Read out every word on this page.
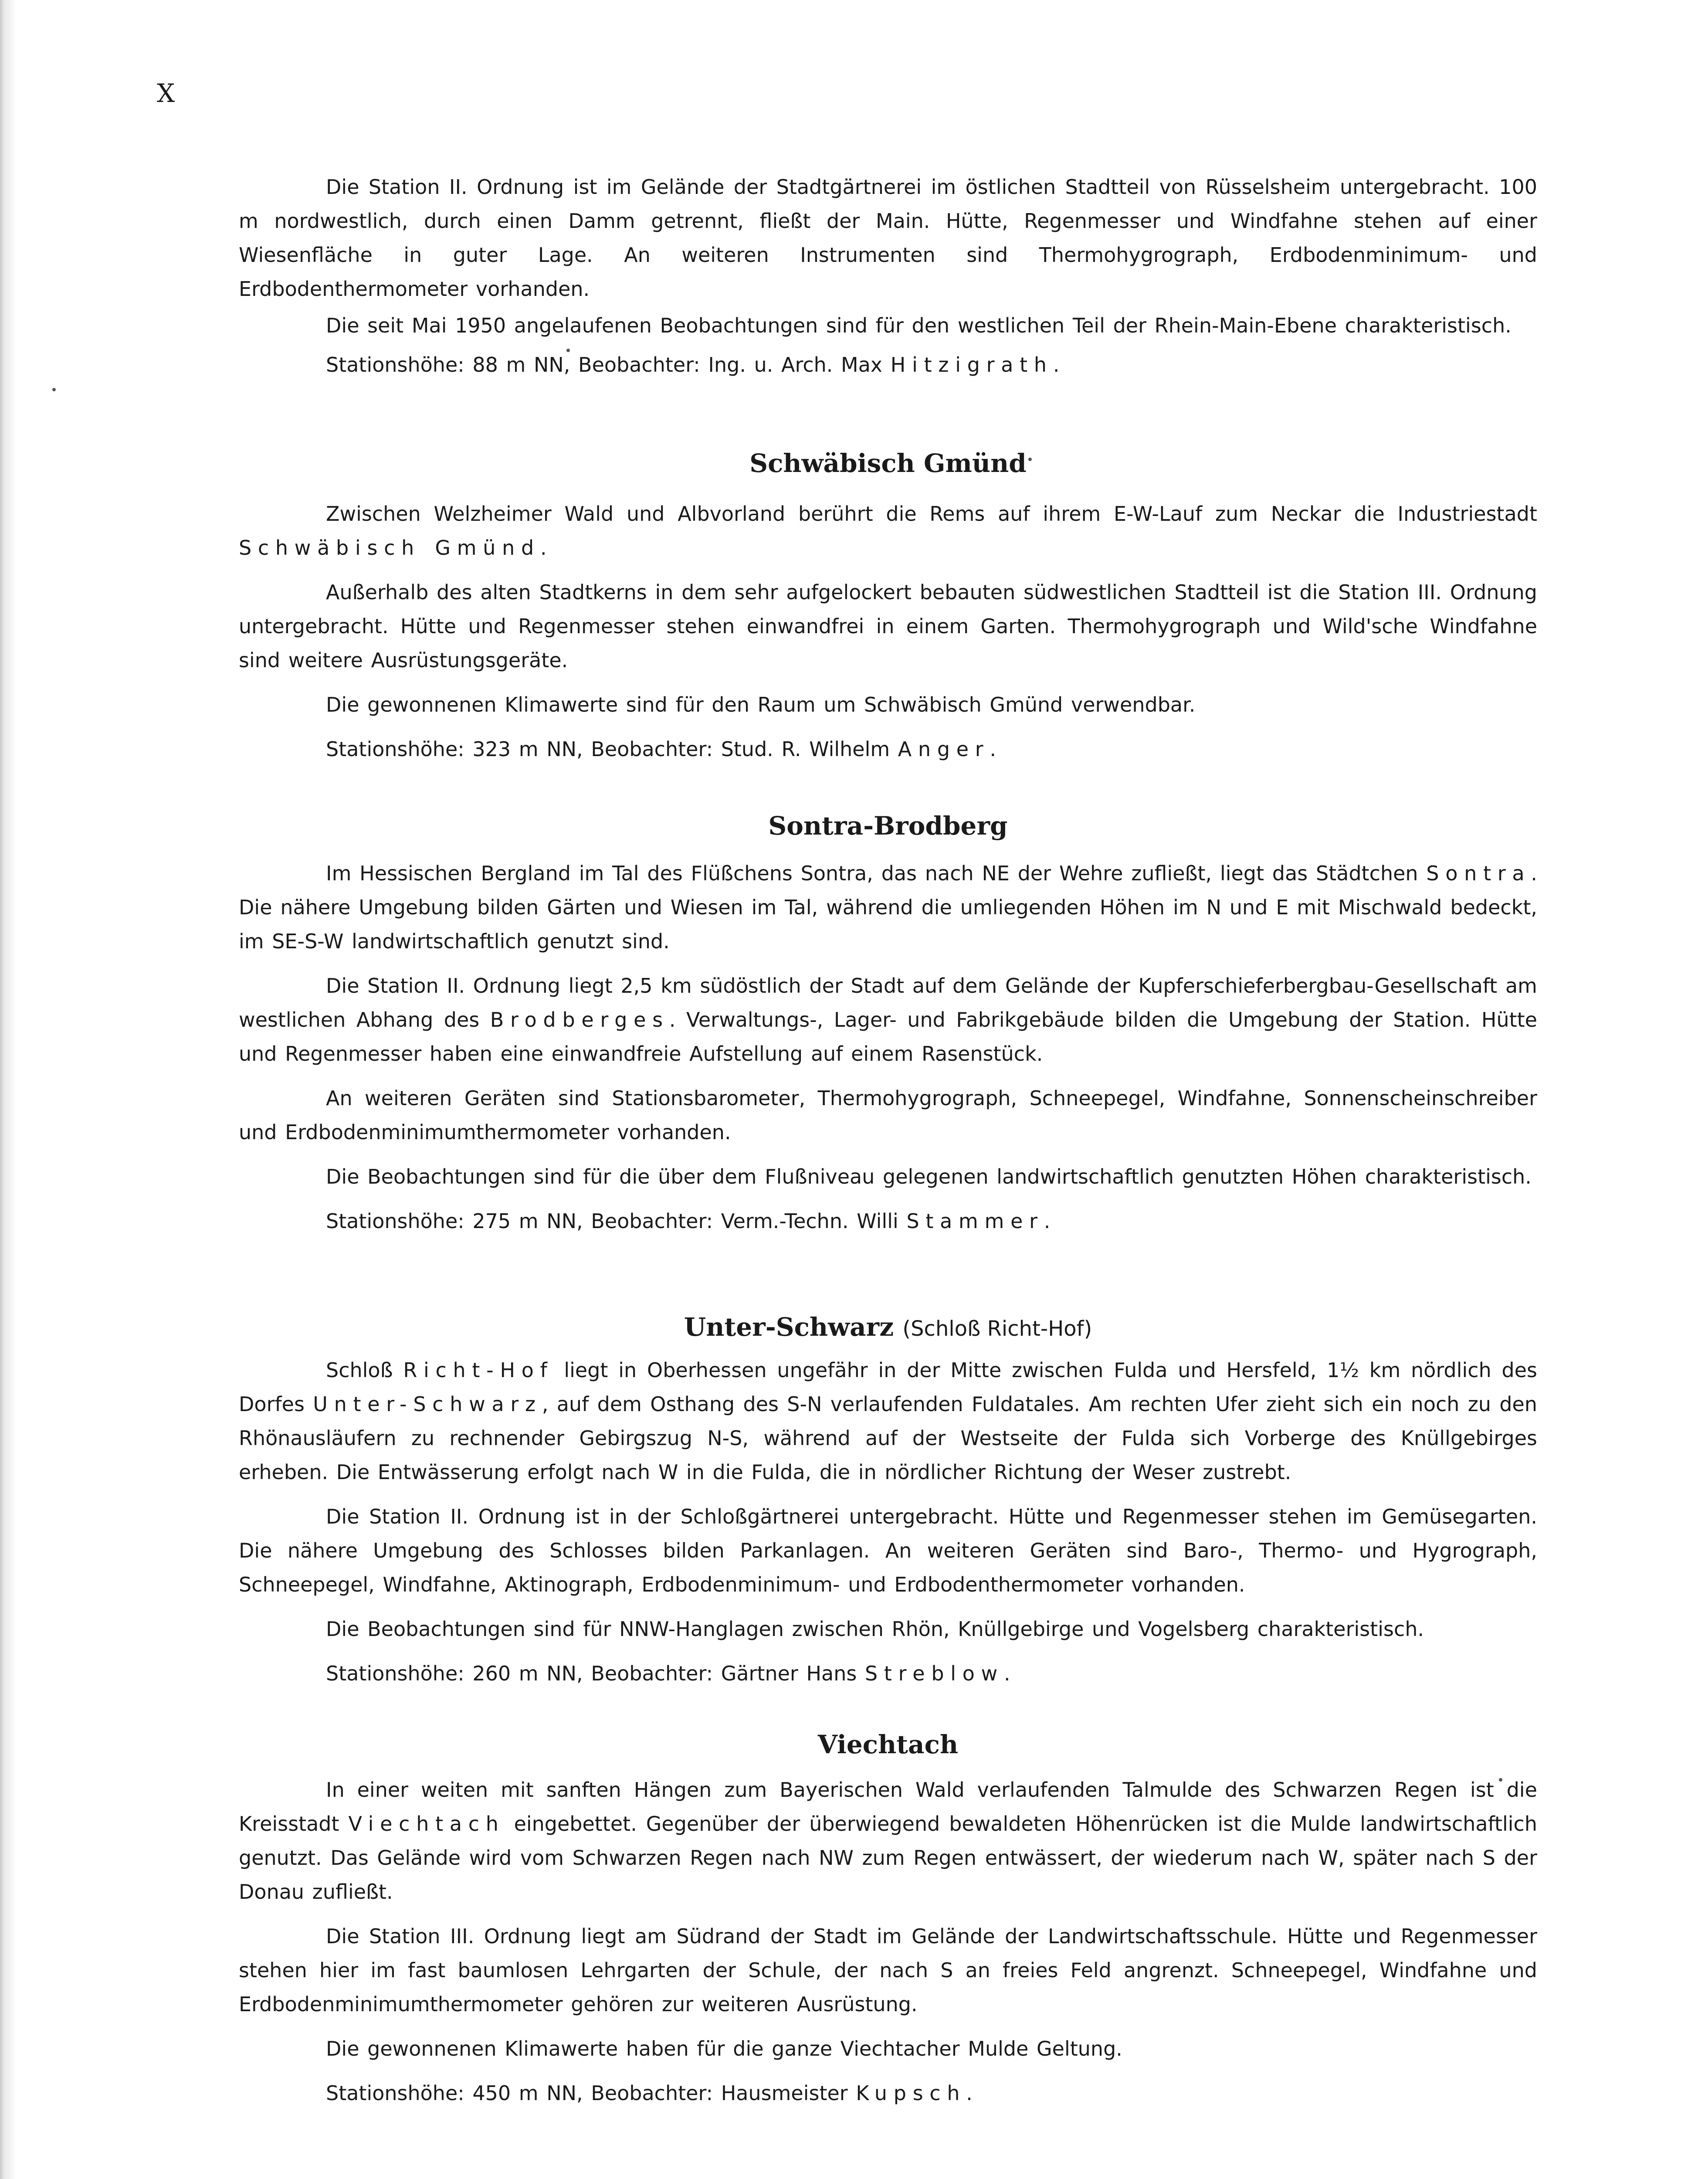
X

Die Station II. Ordnung ist im Gelände der Stadtgärtnerei im östlichen Stadtteil von Rüsselsheim untergebracht. 100 m nordwestlich, durch einen Damm getrennt, fließt der Main. Hütte, Regenmesser und Windfahne stehen auf einer Wiesenfläche in guter Lage. An weiteren Instrumenten sind Thermohygrograph, Erdbodenminimum- und Erdbodenthermometer vorhanden.

Die seit Mai 1950 angelaufenen Beobachtungen sind für den westlichen Teil der Rhein-Main-Ebene charakteristisch.

Stationshöhe: 88 m NN, Beobachter: Ing. u. Arch. Max Hitzigrath.

Schwäbisch Gmünd

Zwischen Welzheimer Wald und Albvorland berührt die Rems auf ihrem E-W-Lauf zum Neckar die Industriestadt Schwäbisch Gmünd.

Außerhalb des alten Stadtkerns in dem sehr aufgelockert bebauten südwestlichen Stadtteil ist die Station III. Ordnung untergebracht. Hütte und Regenmesser stehen einwandfrei in einem Garten. Thermohygrograph und Wild'sche Windfahne sind weitere Ausrüstungsgeräte.

Die gewonnenen Klimawerte sind für den Raum um Schwäbisch Gmünd verwendbar.

Stationshöhe: 323 m NN, Beobachter: Stud. R. Wilhelm Anger.

Sontra-Brodberg

Im Hessischen Bergland im Tal des Flüßchens Sontra, das nach NE der Wehre zufließt, liegt das Städtchen Sontra. Die nähere Umgebung bilden Gärten und Wiesen im Tal, während die umliegenden Höhen im N und E mit Mischwald bedeckt, im SE-S-W landwirtschaftlich genutzt sind.

Die Station II. Ordnung liegt 2,5 km südöstlich der Stadt auf dem Gelände der Kupferschieferbergbau-Gesellschaft am westlichen Abhang des Brodberges. Verwaltungs-, Lager- und Fabrikgebäude bilden die Umgebung der Station. Hütte und Regenmesser haben eine einwandfreie Aufstellung auf einem Rasenstück.

An weiteren Geräten sind Stationsbarometer, Thermohygrograph, Schneepegel, Windfahne, Sonnenscheinschreiber und Erdbodenminimumthermometer vorhanden.

Die Beobachtungen sind für die über dem Flußniveau gelegenen landwirtschaftlich genutzten Höhen charakteristisch.

Stationshöhe: 275 m NN, Beobachter: Verm.-Techn. Willi Stammer.

Unter-Schwarz (Schloß Richt-Hof)

Schloß Richt-Hof liegt in Oberhessen ungefähr in der Mitte zwischen Fulda und Hersfeld, 1½ km nördlich des Dorfes Unter-Schwarz, auf dem Osthang des S-N verlaufenden Fuldatales. Am rechten Ufer zieht sich ein noch zu den Rhönausläufern zu rechnender Gebirgszug N-S, während auf der Westseite der Fulda sich Vorberge des Knüllgebirges erheben. Die Entwässerung erfolgt nach W in die Fulda, die in nördlicher Richtung der Weser zustrebt.

Die Station II. Ordnung ist in der Schloßgärtnerei untergebracht. Hütte und Regenmesser stehen im Gemüsegarten. Die nähere Umgebung des Schlosses bilden Parkanlagen. An weiteren Geräten sind Baro-, Thermo- und Hygrograph, Schneepegel, Windfahne, Aktinograph, Erdbodenminimum- und Erdbodenthermometer vorhanden.

Die Beobachtungen sind für NNW-Hanglagen zwischen Rhön, Knüllgebirge und Vogelsberg charakteristisch.

Stationshöhe: 260 m NN, Beobachter: Gärtner Hans Streblow.

Viechtach

In einer weiten mit sanften Hängen zum Bayerischen Wald verlaufenden Talmulde des Schwarzen Regen ist die Kreisstadt Viechtach eingebettet. Gegenüber der überwiegend bewaldeten Höhenrücken ist die Mulde landwirtschaftlich genutzt. Das Gelände wird vom Schwarzen Regen nach NW zum Regen entwässert, der wiederum nach W, später nach S der Donau zufließt.

Die Station III. Ordnung liegt am Südrand der Stadt im Gelände der Landwirtschaftsschule. Hütte und Regenmesser stehen hier im fast baumlosen Lehrgarten der Schule, der nach S an freies Feld angrenzt. Schneepegel, Windfahne und Erdbodenminimumthermometer gehören zur weiteren Ausrüstung.

Die gewonnenen Klimawerte haben für die ganze Viechtacher Mulde Geltung.

Stationshöhe: 450 m NN, Beobachter: Hausmeister Kupsch.
